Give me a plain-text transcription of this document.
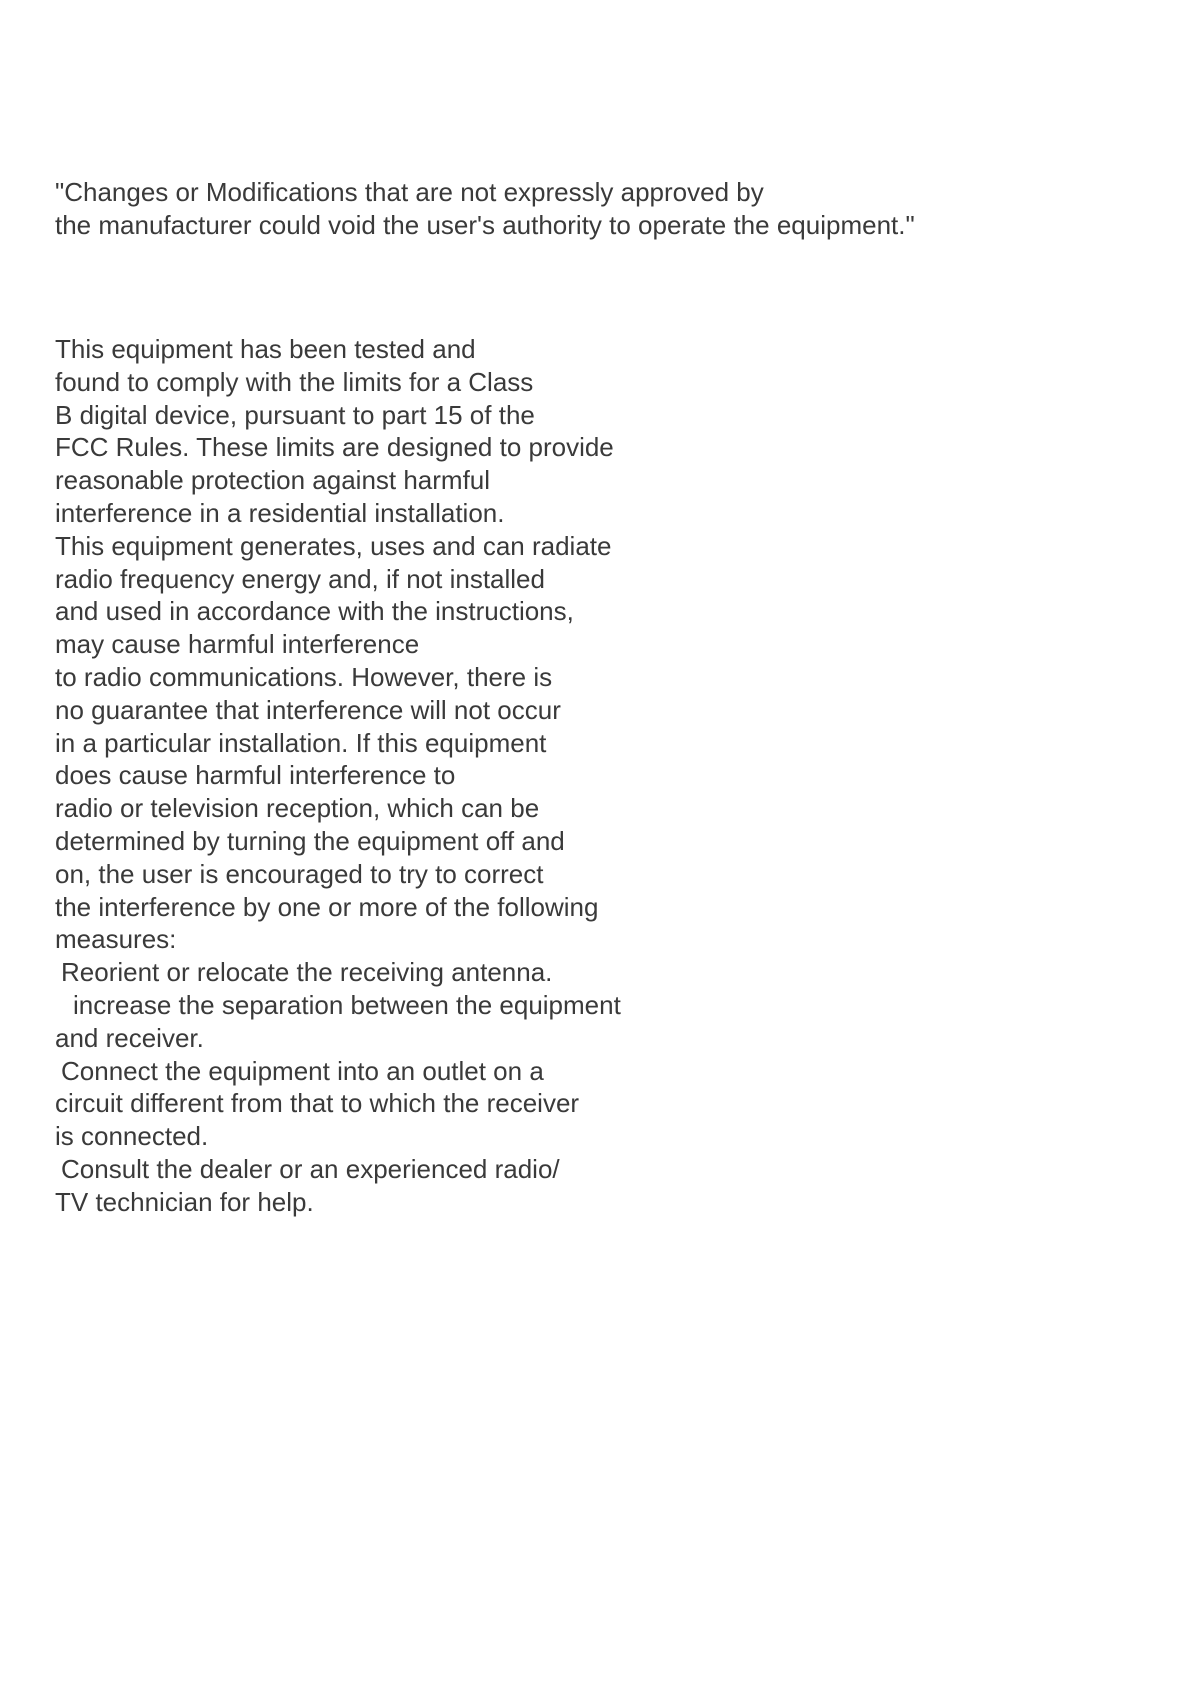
"Changes or Modifications that are not expressly approved by
the manufacturer could void the user's authority to operate the equipment."
This equipment has been tested and
found to comply with the limits for a Class
B digital device, pursuant to part 15 of the
FCC Rules. These limits are designed to provide
reasonable protection against harmful
interference in a residential installation.
This equipment generates, uses and can radiate
radio frequency energy and, if not installed
and used in accordance with the instructions,
may cause harmful interference
to radio communications. However, there is
no guarantee that interference will not occur
in a particular installation. If this equipment
does cause harmful interference to
radio or television reception, which can be
determined by turning the equipment off and
on, the user is encouraged to try to correct
the interference by one or more of the following
measures:
Reorient or relocate the receiving antenna.
increase the separation between the equipment
and receiver.
Connect the equipment into an outlet on a
circuit different from that to which the receiver
is connected.
Consult the dealer or an experienced radio/
TV technician for help.
